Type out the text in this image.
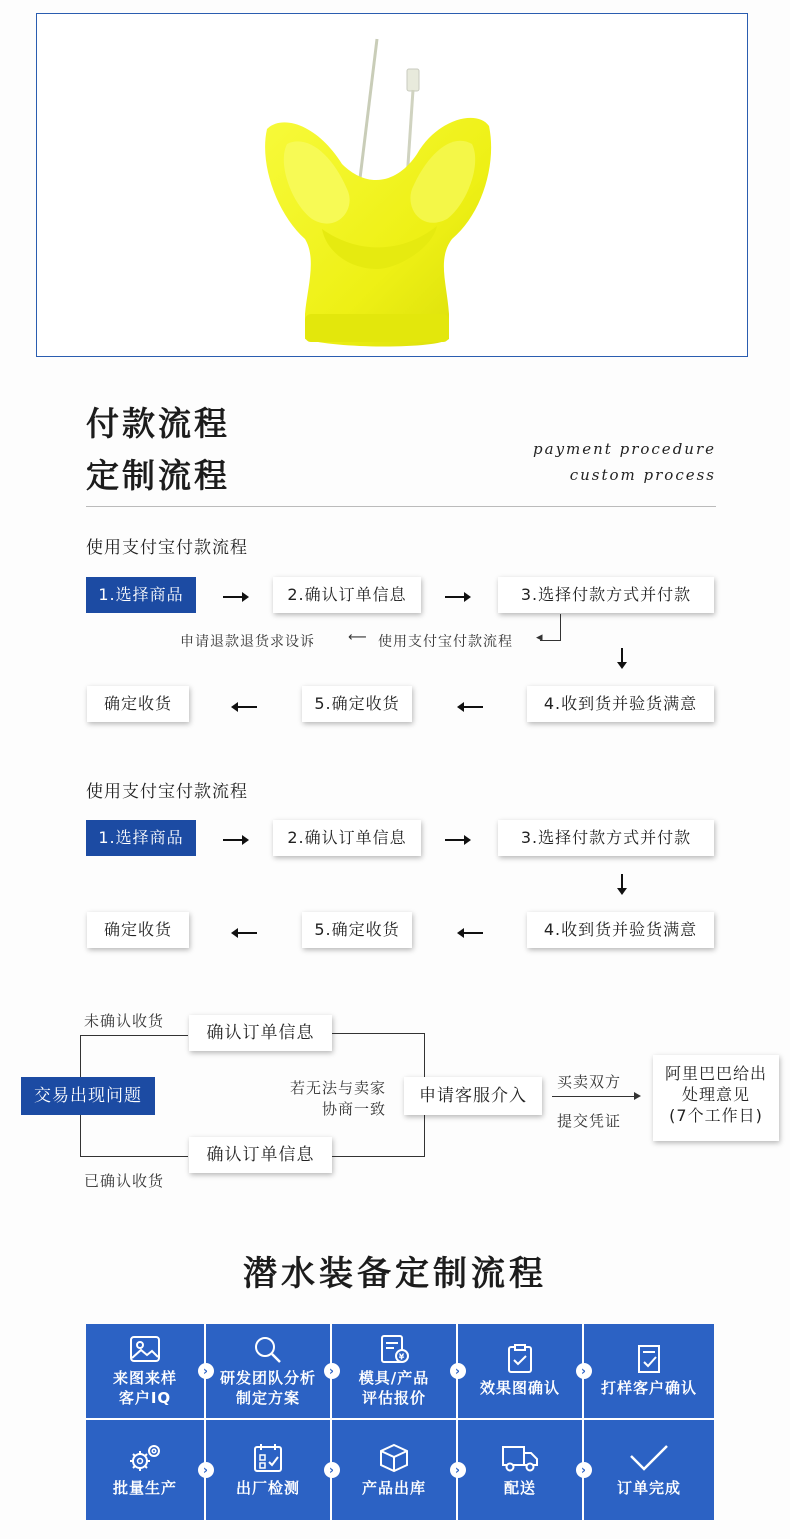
付款流程
定制流程
payment procedure
custom process
使用支付宝付款流程
1.选择商品	2.确认订单信息	3.选择付款方式并付款
使用支付宝付款流程
⟵
申请退款退货求设诉	◂
确定收货	5.确定收货	4.收到货并验货满意
使用支付宝付款流程
1.选择商品	2.确认订单信息	3.选择付款方式并付款
确定收货	5.确定收货	4.收到货并验货满意
未确认收货
已确认收货
交易出现问题
确认订单信息
确认订单信息
若无法与卖家
协商一致
申请客服介入
买卖双方
提交凭证
阿里巴巴给出
处理意见
(7个工作日)
潜水装备定制流程
来图来样
客户IQ
› 研发团队分析
制定方案
›
¥
模具/产品
评估报价
›
效果图确认
›
打样客户确认
批量生产
›
出厂检测
›
产品出库
›
配送
›
订单完成
